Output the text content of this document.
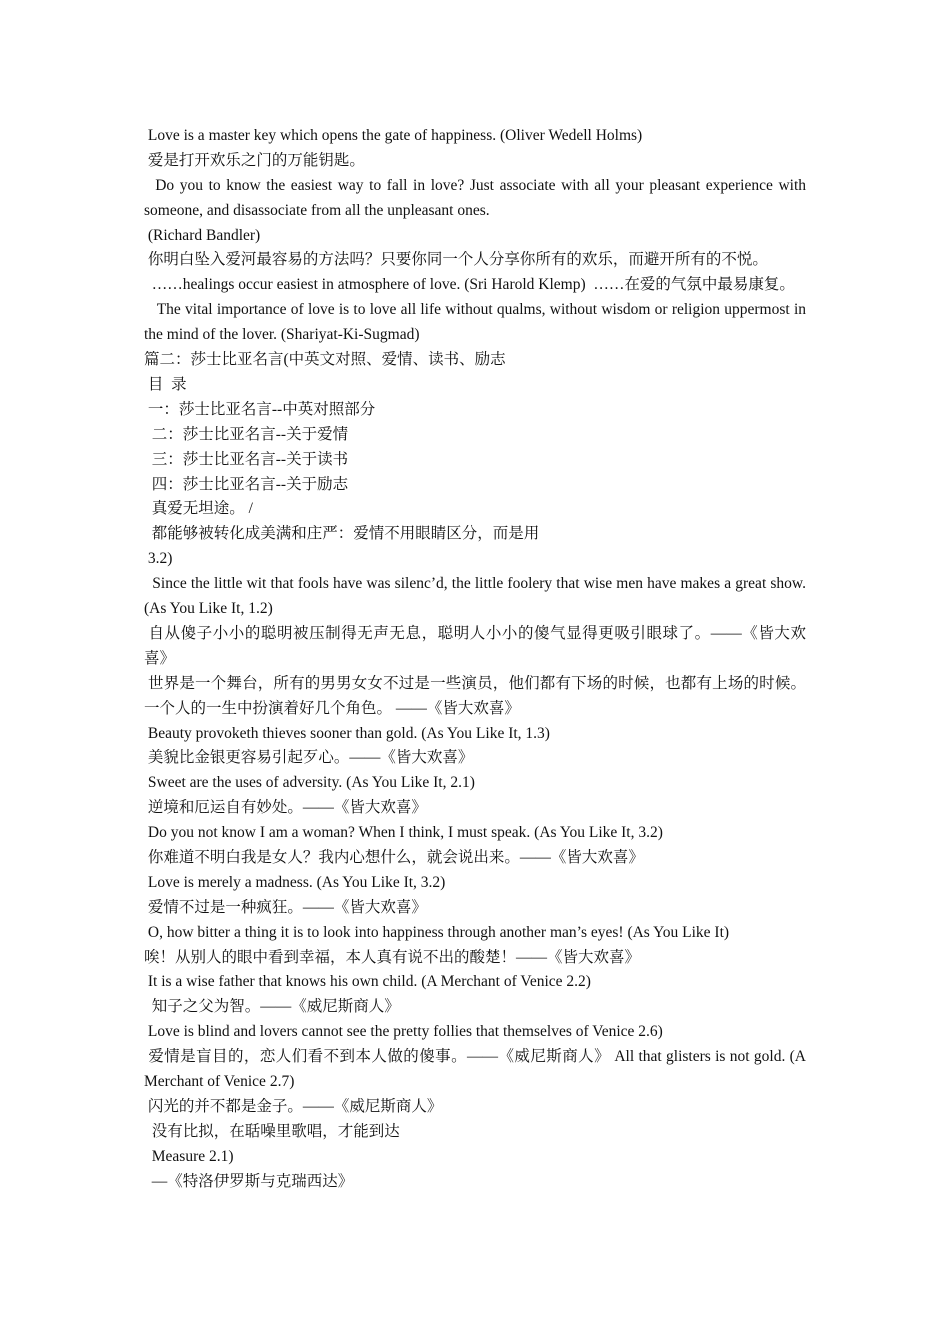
Love is a master key which opens the gate of happiness. (Oliver Wedell Holms)
爱是打开欢乐之门的万能钥匙。
Do you to know the easiest way to fall in love? Just associate with all your pleasant experience with someone, and disassociate from all the unpleasant ones.
(Richard Bandler)
你明白坠入爱河最容易的方法吗？只要你同一个人分享你所有的欢乐，而避开所有的不悦。
……healings occur easiest in atmosphere of love. (Sri Harold Klemp)  ……在爱的气氛中最易康复。
The vital importance of love is to love all life without qualms, without wisdom or religion uppermost in the mind of the lover. (Shariyat-Ki-Sugmad)
篇二：莎士比亚名言(中英文对照、爱情、读书、励志
目  录
一：莎士比亚名言--中英对照部分
二：莎士比亚名言--关于爱情
三：莎士比亚名言--关于读书
四：莎士比亚名言--关于励志
真爱无坦途。 /
都能够被转化成美满和庄严：爱情不用眼睛区分，而是用
3.2)
Since the little wit that fools have was silenc’d, the little foolery that wise men have makes a great show. (As You Like It, 1.2)
自从傻子小小的聪明被压制得无声无息，聪明人小小的傻气显得更吸引眼球了。——《皆大欢喜》
世界是一个舞台，所有的男男女女不过是一些演员，他们都有下场的时候，也都有上场的时候。一个人的一生中扮演着好几个角色。 ——《皆大欢喜》
Beauty provoketh thieves sooner than gold. (As You Like It, 1.3)
美貌比金银更容易引起歹心。——《皆大欢喜》
Sweet are the uses of adversity. (As You Like It, 2.1)
逆境和厄运自有妙处。——《皆大欢喜》
Do you not know I am a woman? When I think, I must speak. (As You Like It, 3.2)
你难道不明白我是女人？我内心想什么，就会说出来。——《皆大欢喜》
Love is merely a madness. (As You Like It, 3.2)
爱情不过是一种疯狂。——《皆大欢喜》
O, how bitter a thing it is to look into happiness through another man’s eyes! (As You Like It)
唉！从别人的眼中看到幸福，本人真有说不出的酸楚！——《皆大欢喜》
It is a wise father that knows his own child. (A Merchant of Venice 2.2)
知子之父为智。——《威尼斯商人》
Love is blind and lovers cannot see the pretty follies that themselves of Venice 2.6)
爱情是盲目的，恋人们看不到本人做的傻事。——《威尼斯商人》 All that glisters is not gold. (A Merchant of Venice 2.7)
闪光的并不都是金子。——《威尼斯商人》
没有比拟，在聒噪里歌唱，才能到达
Measure 2.1)
—《特洛伊罗斯与克瑞西达》
